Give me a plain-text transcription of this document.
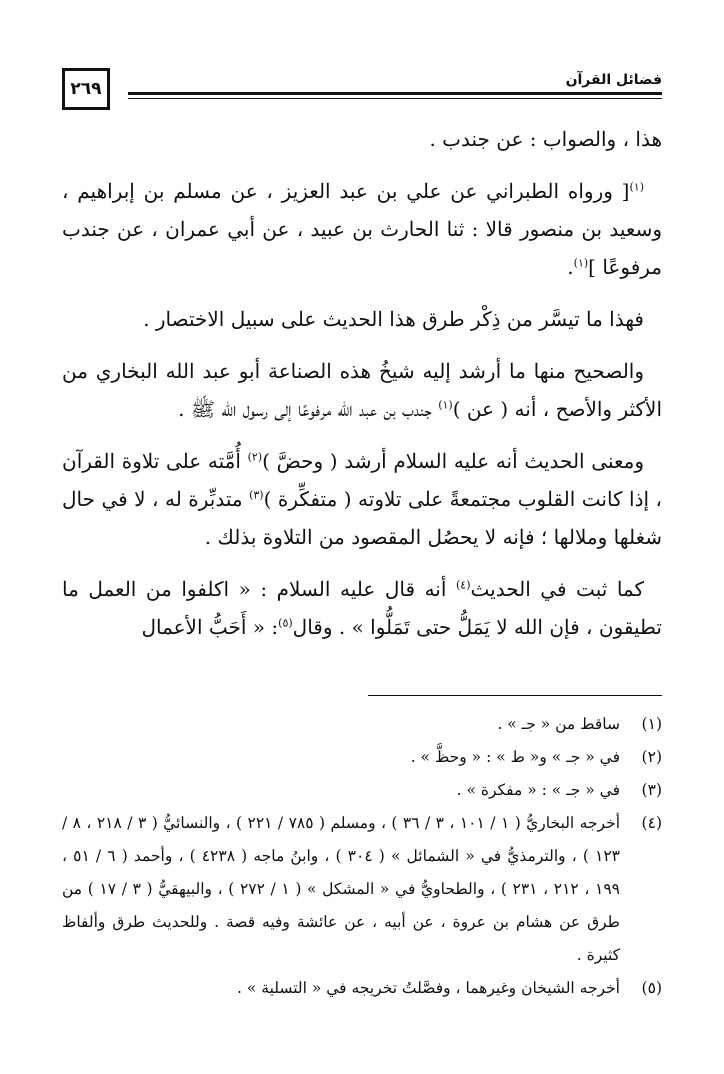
٢٦٩	فضائل القرآن

هذا ، والصواب : عن جندب .

$^{(١)}$[ ورواه الطبراني عن علي بن عبد العزيز ، عن مسلم بن إبراهيم ، وسعيد بن منصور قالا : ثنا الحارث بن عبيد ، عن أبي عمران ، عن جندب مرفوعًا ]$^{(١)}$.

فهذا ما تيسَّر من ذِكْر طرق هذا الحديث على سبيل الاختصار .

والصحيح منها ما أرشد إليه شيخُ هذه الصناعة أبو عبد الله البخاري من الأكثر والأصح ، أنه ( عن )$^{(١)}$ جندب بن عبد الله مرفوعًا إلى رسول الله ﷺ .

ومعنى الحديث أنه عليه السلام أرشد ( وحضَّ )$^{(٢)}$ أُمَّته على تلاوة القرآن ، إذا كانت القلوب مجتمعةً على تلاوته ( متفكِّرة )$^{(٣)}$ متدبِّرة له ، لا في حال شغلها وملالها ؛ فإنه لا يحصُل المقصود من التلاوة بذلك .

كما ثبت في الحديث$^{(٤)}$ أنه قال عليه السلام : « اكلفوا من العمل ما تطيقون ، فإن الله لا يَمَلُّ حتى تَمَلُّوا » . وقال$^{(٥)}$: « أَحَبُّ الأعمال

(١)
ساقط من « جـ » .
(٢)
في « جـ » و« ط » : « وحظَّ » .
(٣)
في « جـ » : « مفكرة » .
(٤)
أخرجه البخاريُّ ( ١ / ١٠١ ، ٣ / ٣٦ ) ، ومسلم ( ٧٨٥ / ٢٢١ ) ، والنسائيُّ ( ٣ / ٢١٨ ، ٨ / ١٢٣ ) ، والترمذيُّ في « الشمائل » ( ٣٠٤ ) ، وابنُ ماجه ( ٤٢٣٨ ) ، وأحمد ( ٦ / ٥١ ، ١٩٩ ، ٢١٢ ، ٢٣١ ) ، والطحاويُّ في « المشكل » ( ١ / ٢٧٢ ) ، والبيهقيُّ ( ٣ / ١٧ ) من طرق عن هشام بن عروة ، عن أبيه ، عن عائشة وفيه قصة . وللحديث طرق وألفاظ كثيرة .
(٥)
أخرجه الشيخان وغيرهما ، وفصَّلتُ تخريجه في « التسلية » .
